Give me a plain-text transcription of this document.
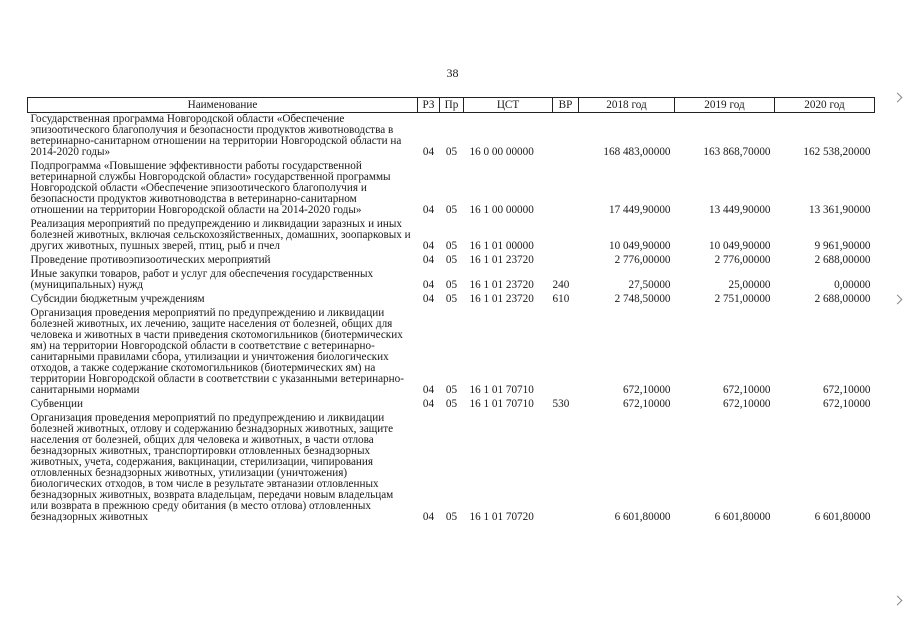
38
Наименование	РЗ	Пр	ЦСТ	ВР	2018 год	2019 год	2020 год
Государственная программа Новгородской области «Обеспечение эпизоотического благополучия и безопасности продуктов животноводства в ветеринарно-санитарном отношении на территории Новгородской области на 2014-2020 годы»	04	05	16 0 00 00000		168 483,00000	163 868,70000	162 538,20000
Подпрограмма «Повышение эффективности работы государственной ветеринарной службы Новгородской области» государственной программы Новгородской области «Обеспечение эпизоотического благополучия и безопасности продуктов животноводства в ветеринарно-санитарном отношении на территории Новгородской области на 2014-2020 годы»	04	05	16 1 00 00000		17 449,90000	13 449,90000	13 361,90000
Реализация мероприятий по предупреждению и ликвидации заразных и иных болезней животных, включая сельскохозяйственных, домашних, зоопарковых и других животных, пушных зверей, птиц, рыб и пчел	04	05	16 1 01 00000		10 049,90000	10 049,90000	9 961,90000
Проведение противоэпизоотических мероприятий	04	05	16 1 01 23720		2 776,00000	2 776,00000	2 688,00000
Иные закупки товаров, работ и услуг для обеспечения государственных (муниципальных) нужд	04	05	16 1 01 23720	240	27,50000	25,00000	0,00000
Субсидии бюджетным учреждениям	04	05	16 1 01 23720	610	2 748,50000	2 751,00000	2 688,00000
Организация проведения мероприятий по предупреждению и ликвидации болезней животных, их лечению, защите населения от болезней, общих для человека и животных в части приведения скотомогильников (биотермических ям) на территории Новгородской области в соответствие с ветеринарно-санитарными правилами сбора, утилизации и уничтожения биологических отходов, а также содержание скотомогильников (биотермических ям) на территории Новгородской области в соответствии с указанными ветеринарно-санитарными нормами	04	05	16 1 01 70710		672,10000	672,10000	672,10000
Субвенции	04	05	16 1 01 70710	530	672,10000	672,10000	672,10000
Организация проведения мероприятий по предупреждению и ликвидации болезней животных, отлову и содержанию безнадзорных животных, защите населения от болезней, общих для человека и животных, в части отлова безнадзорных животных, транспортировки отловленных безнадзорных животных, учета, содержания, вакцинации, стерилизации, чипирования отловленных безнадзорных животных, утилизации (уничтожения) биологических отходов, в том числе в результате эвтаназии отловленных безнадзорных животных, возврата владельцам, передачи новым владельцам или возврата в прежнюю среду обитания (в место отлова) отловленных безнадзорных животных	04	05	16 1 01 70720		6 601,80000	6 601,80000	6 601,80000
